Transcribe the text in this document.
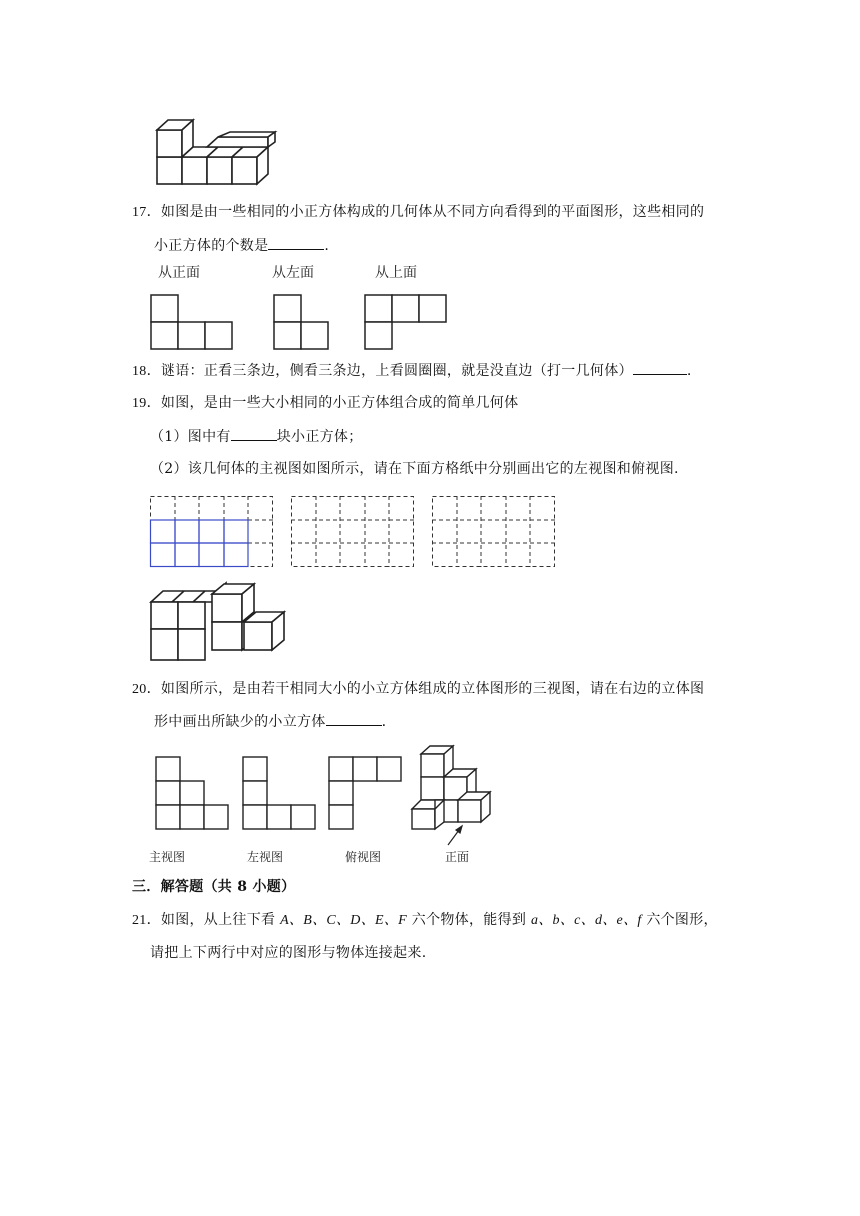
17．如图是由一些相同的小正方体构成的几何体从不同方向看得到的平面图形，这些相同的
小正方体的个数是	.
从正面	从左面	从上面
18．谜语：正看三条边，侧看三条边，上看圆圈圈，就是没直边（打一几何体）	.
19．如图，是由一些大小相同的小正方体组合成的简单几何体
（1）图中有	块小正方体；
（2）该几何体的主视图如图所示，请在下面方格纸中分别画出它的左视图和俯视图.
20．如图所示，是由若干相同大小的小立方体组成的立体图形的三视图，请在右边的立体图
形中画出所缺少的小立方体	.
主视图	左视图	俯视图	正面
三．解答题（共 8 小题）
21．如图，从上往下看 A、B、C、D、E、F 六个物体，能得到 a、b、c、d、e、f 六个图形，
请把上下两行中对应的图形与物体连接起来.
